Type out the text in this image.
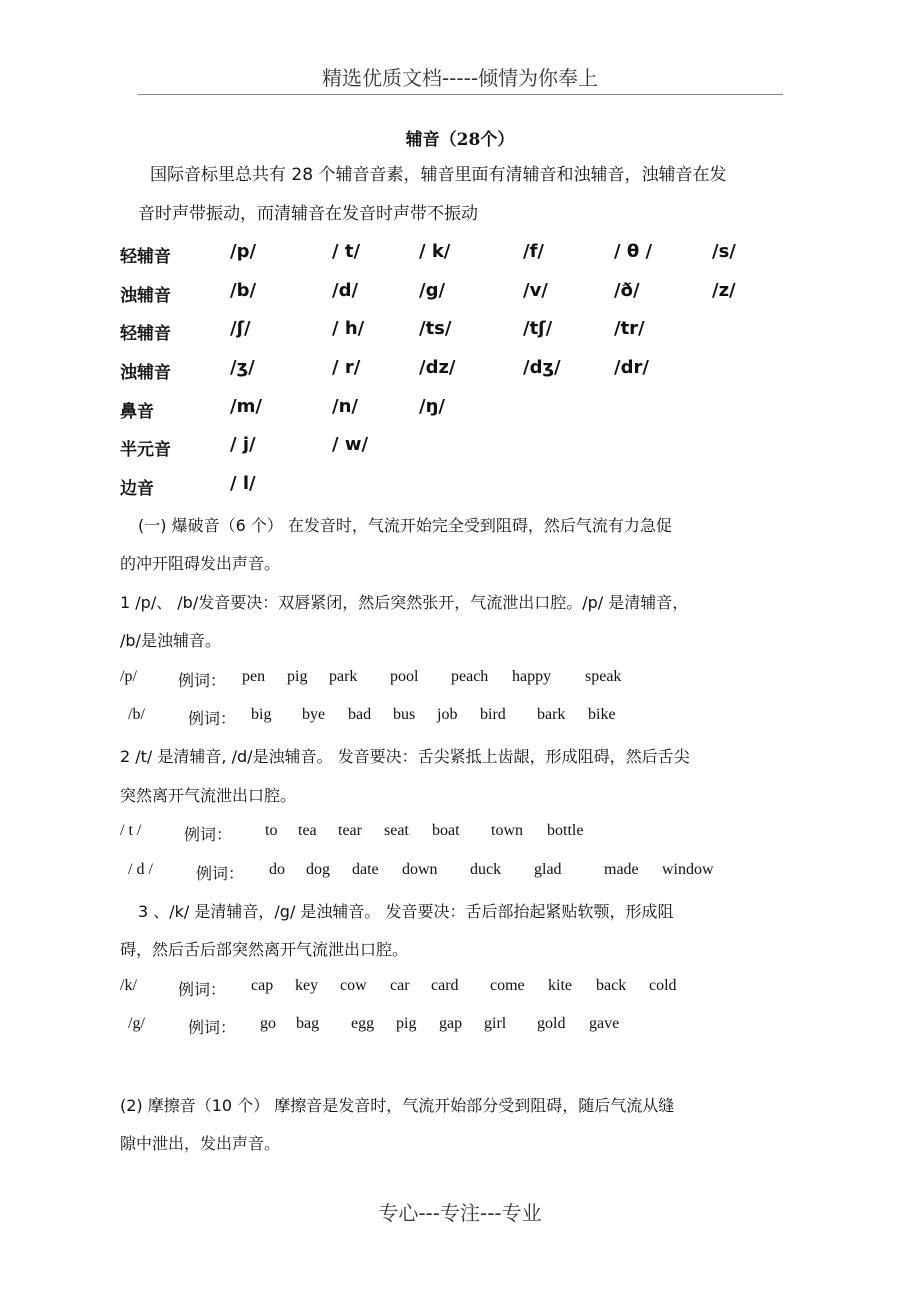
精选优质文档-----倾情为你奉上
辅音（28个）
国际音标里总共有 28 个辅音音素，辅音里面有清辅音和浊辅音，浊辅音在发
音时声带振动，而清辅音在发音时声带不振动
轻辅音	/p/	/ t/	/ k/	/f/	/ θ /	/s/
浊辅音	/b/	/d/	/g/	/v/	/ð/	/z/
轻辅音	/ʃ/	/ h/	/ts/	/tʃ/	/tr/
浊辅音	/ʒ/	/ r/	/dz/	/dʒ/	/dr/
鼻音	/m/	/n/	/ŋ/
半元音	/ j/	/ w/
边音	/ l/
(一) 爆破音（6 个） 在发音时，气流开始完全受到阻碍，然后气流有力急促
的冲开阻碍发出声音。
1 /p/、 /b/发音要决：双唇紧闭，然后突然张开，气流泄出口腔。/p/ 是清辅音，
/b/是浊辅音。
/p/	例词： pen pig park pool peach happy speak
/b/	例词： big bye bad bus job bird bark bike
2 /t/ 是清辅音, /d/是浊辅音。 发音要决：舌尖紧抵上齿龈，形成阻碍，然后舌尖
突然离开气流泄出口腔。
/ t /	例词： to tea tear seat boat town bottle
/ d /	例词： do dog date down duck glad	made window
3 、/k/ 是清辅音，/g/ 是浊辅音。 发音要决：舌后部抬起紧贴软颚，形成阻
碍，然后舌后部突然离开气流泄出口腔。
/k/	例词： cap key cow car card come kite back cold
/g/	例词： go bag egg pig gap girl gold gave
(2) 摩擦音（10 个） 摩擦音是发音时，气流开始部分受到阻碍，随后气流从缝
隙中泄出，发出声音。
专心---专注---专业
